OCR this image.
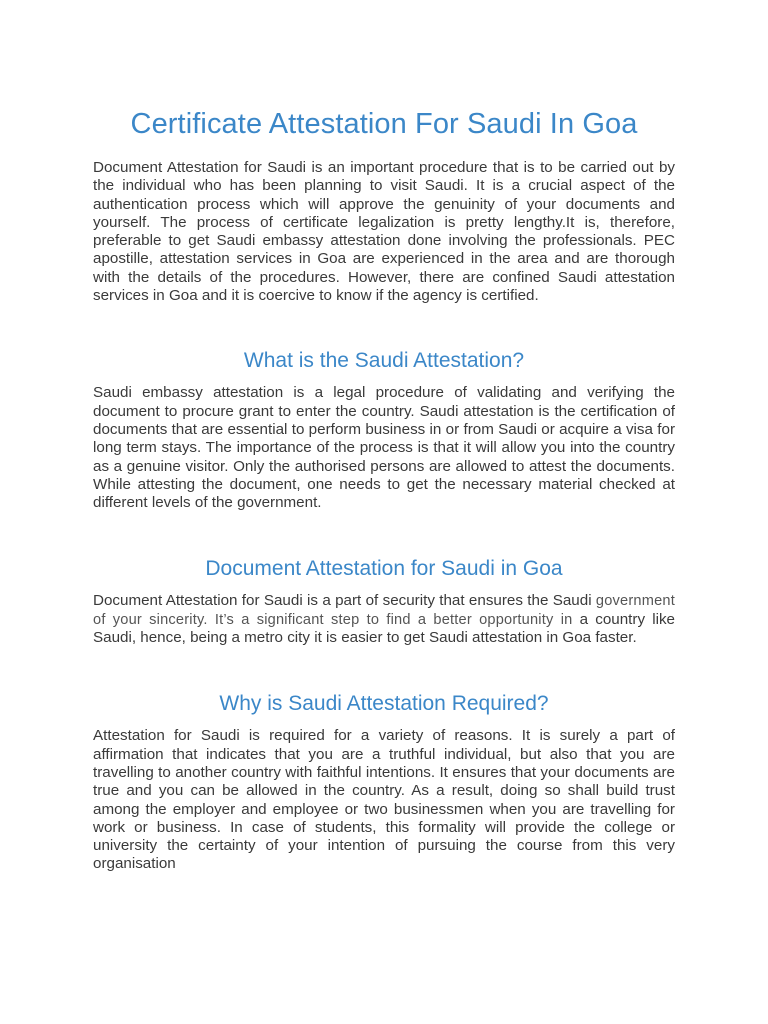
Certificate Attestation For Saudi In Goa

Document Attestation for Saudi is an important procedure that is to be carried out by the individual who has been planning to visit Saudi. It is a crucial aspect of the authentication process which will approve the genuinity of your documents and yourself. The process of certificate legalization is pretty lengthy.It is, therefore, preferable to get Saudi embassy attestation done involving the professionals. PEC apostille, attestation services in Goa are experienced in the area and are thorough with the details of the procedures. However, there are confined Saudi attestation services in Goa and it is coercive to know if the agency is certified.

What is the Saudi Attestation?

Saudi embassy attestation is a legal procedure of validating and verifying the document to procure grant to enter the country. Saudi attestation is the certification of documents that are essential to perform business in or from Saudi or acquire a visa for long term stays. The importance of the process is that it will allow you into the country as a genuine visitor. Only the authorised persons are allowed to attest the documents. While attesting the document, one needs to get the necessary material checked at different levels of the government.

Document Attestation for Saudi in Goa

Document Attestation for Saudi is a part of security that ensures the Saudi government of your sincerity. It’s a significant step to find a better opportunity in a country like Saudi, hence, being a metro city it is easier to get Saudi attestation in Goa faster.

Why is Saudi Attestation Required?

Attestation for Saudi is required for a variety of reasons. It is surely a part of affirmation that indicates that you are a truthful individual, but also that you are travelling to another country with faithful intentions. It ensures that your documents are true and you can be allowed in the country. As a result, doing so shall build trust among the employer and employee or two businessmen when you are travelling for work or business. In case of students, this formality will provide the college or university the certainty of your intention of pursuing the course from this very organisation
